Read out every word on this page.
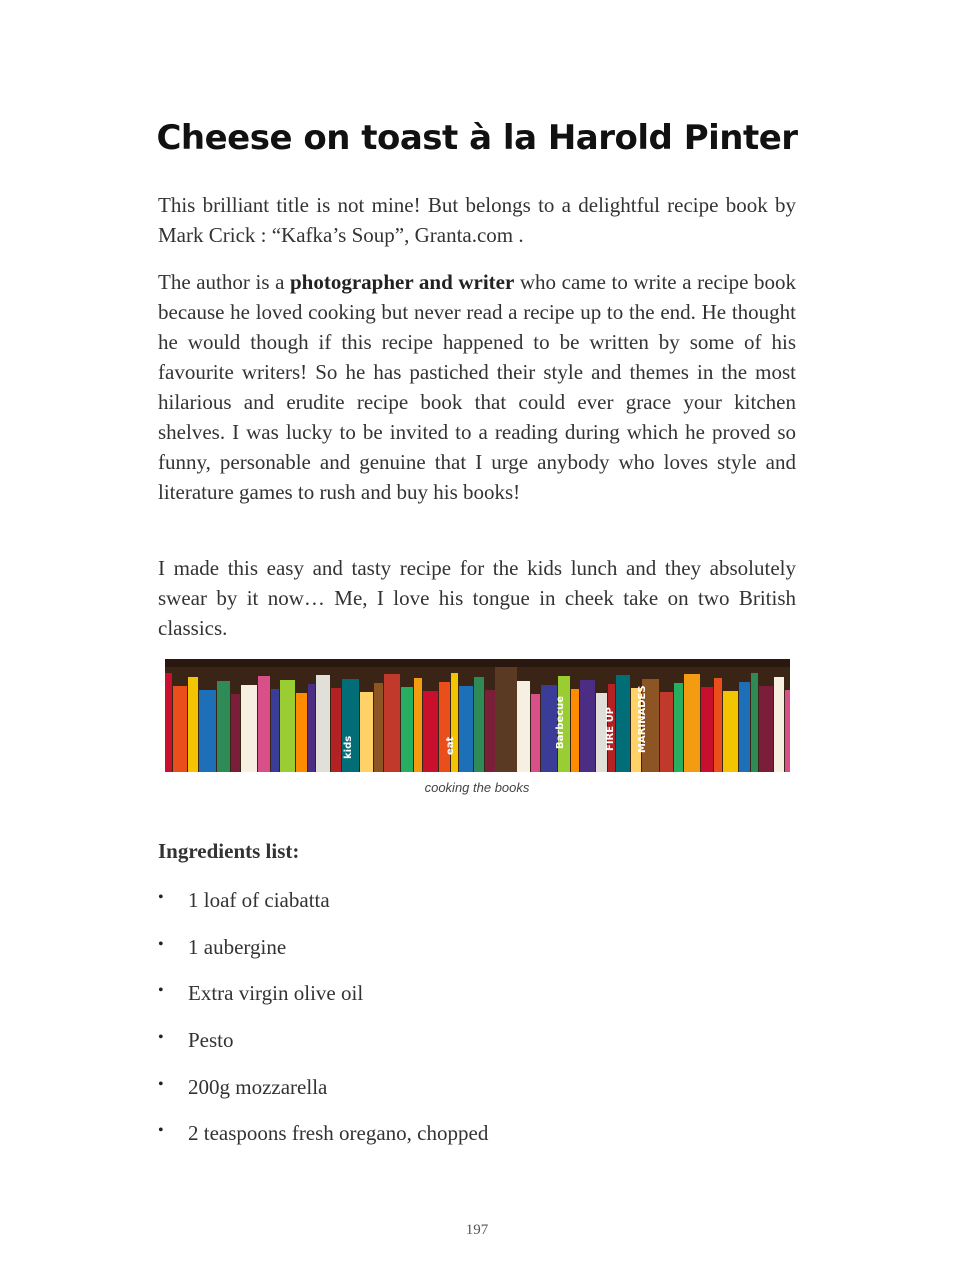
Cheese on toast à la Harold Pinter

This brilliant title is not mine! But belongs to a delightful recipe book by Mark Crick : “Kafka’s Soup”, Granta.com .

The author is a photographer and writer who came to write a recipe book because he loved cooking but never read a recipe up to the end. He thought he would though if this recipe happened to be written by some of his favourite writers! So he has pastiched their style and themes in the most hilarious and erudite recipe book that could ever grace your kitchen shelves. I was lucky to be invited to a reading during which he proved so funny, personable and genuine that I urge anybody who loves style and literature games to rush and buy his books!

I made this easy and tasty recipe for the kids lunch and they absolutely swear by it now… Me, I love his tongue in cheek take on two British classics.

kids	eat	Barbecue	MARINADES
FIRE UP
cooking the books
Ingredients list:
• 1 loaf of ciabatta
• 1 aubergine
• Extra virgin olive oil
• Pesto
• 200g mozzarella
• 2 teaspoons fresh oregano, chopped
197
